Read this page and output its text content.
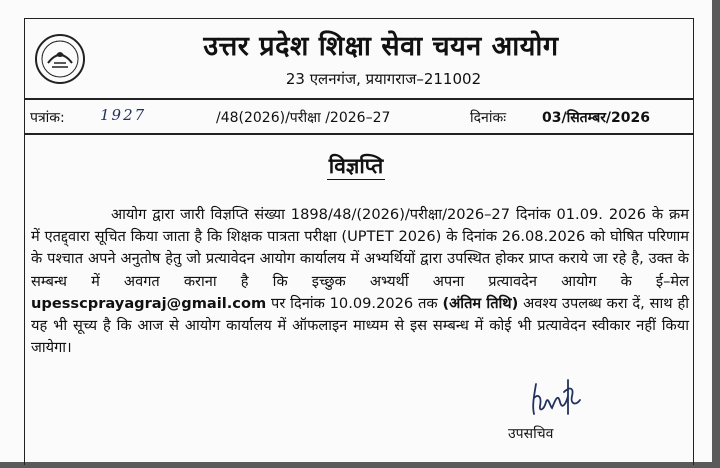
उत्तर प्रदेश शिक्षा सेवा चयन आयोग
23 एलनगंज, प्रयागराज–211002
पत्रांक: 1927	/48(2026)/परीक्षा /2026–27	दिनांकः	03/सितम्बर/2026
विज्ञप्ति
आयोग द्वारा जारी विज्ञप्ति संख्या 1898/48/(2026)/परीक्षा/2026–27 दिनांक 01.09. 2026 के क्रम में एतद्द्वारा सूचित किया जाता है कि शिक्षक पात्रता परीक्षा (UPTET 2026) के दिनांक 26.08.2026 को घोषित परिणाम के पश्चात अपने अनुतोष हेतु जो प्रत्यावेदन आयोग कार्यालय में अभ्यर्थियों द्वारा उपस्थित होकर प्राप्त कराये जा रहे है, उक्त के सम्बन्ध में अवगत कराना है कि इच्छुक अभ्यर्थी अपना प्रत्यावदेन आयोग के ई–मेल upesscprayagraj@gmail.com पर दिनांक 10.09.2026 तक (अंतिम तिथि) अवश्य उपलब्ध करा दें, साथ ही यह भी सूच्य है कि आज से आयोग कार्यालय में ऑफलाइन माध्यम से इस सम्बन्ध में कोई भी प्रत्यावेदन स्वीकार नहीं किया जायेगा।
उपसचिव
